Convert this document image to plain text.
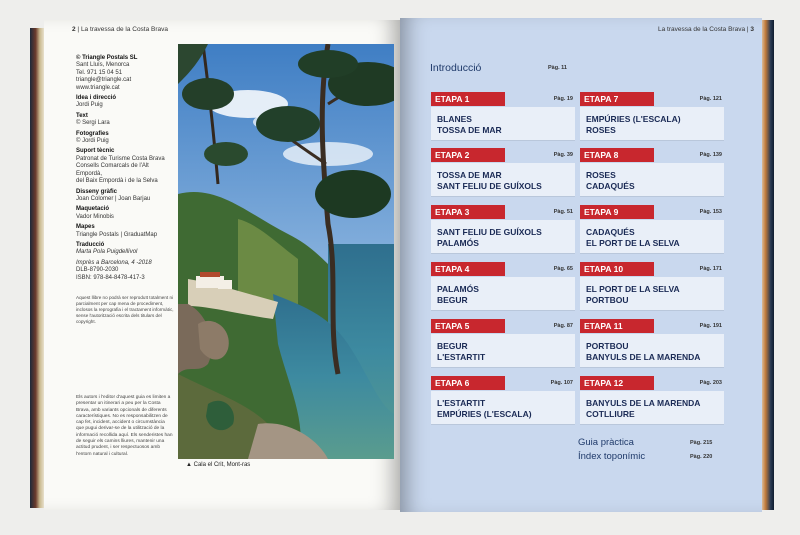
2 | La travessa de la Costa Brava
© Triangle Postals SL
Sant Lluís, Menorca
Tel. 971 15 04 51
triangle@triangle.cat
www.triangle.cat
Idea i direcció
Jordi Puig
Text
© Sergi Lara
Fotografies
© Jordi Puig
Suport tècnic
Patronat de Turisme Costa Brava
Consells Comarcals de l'Alt Empordà,
del Baix Empordà i de la Selva
Disseny gràfic
Joan Colomer | Joan Barjau
Maquetació
Vador Minobis
Mapes
Triangle Postals | GraduatMap
Traducció
Marta Pola Puigdellívol
Imprès a Barcelona, 4 -2018
DLB-8790-2030
ISBN: 978-84-8478-417-3
Aquest llibre no podrà ser reproduït totalment ni parcialment per cap mena de procediment, inclosos la reprografia i el tractament informàtic, sense l'autorització escrita dels titulars del copyright.
Els autors i l'editor d'aquest guia es limiten a presentar un itinerari a peu per la Costa Brava, amb variants opcionals de diferents característiques. No es responsabilitzen de cap fet, incident, accident o circumstància que pugui derivar-se de la utilització de la informació recollida aquí. Els senderistes han de seguir els camins lliures, mantenir una actitud prudent, i ser respectuosos amb l'entorn natural i cultural.
▲ Cala el Crit, Mont-ras
La travessa de la Costa Brava | 3
Introducció	Pàg. 11
ETAPA 1	Pàg. 19
BLANES
TOSSA DE MAR
ETAPA 2	Pàg. 39
TOSSA DE MAR
SANT FELIU DE GUÍXOLS
ETAPA 3	Pàg. 51
SANT FELIU DE GUÍXOLS
PALAMÓS
ETAPA 4	Pàg. 65
PALAMÓS
BEGUR
ETAPA 5	Pàg. 87
BEGUR
L'ESTARTIT
ETAPA 6	Pàg. 107
L'ESTARTIT
EMPÚRIES (L'ESCALA)
ETAPA 7	Pàg. 121
EMPÚRIES (L'ESCALA)
ROSES
ETAPA 8	Pàg. 139
ROSES
CADAQUÉS
ETAPA 9	Pàg. 153
CADAQUÉS
EL PORT DE LA SELVA
ETAPA 10	Pàg. 171
EL PORT DE LA SELVA
PORTBOU
ETAPA 11	Pàg. 191
PORTBOU
BANYULS DE LA MARENDA
ETAPA 12	Pàg. 203
BANYULS DE LA MARENDA
COTLLIURE
Guia pràctica	Pàg. 215
Índex toponímic	Pàg. 220
